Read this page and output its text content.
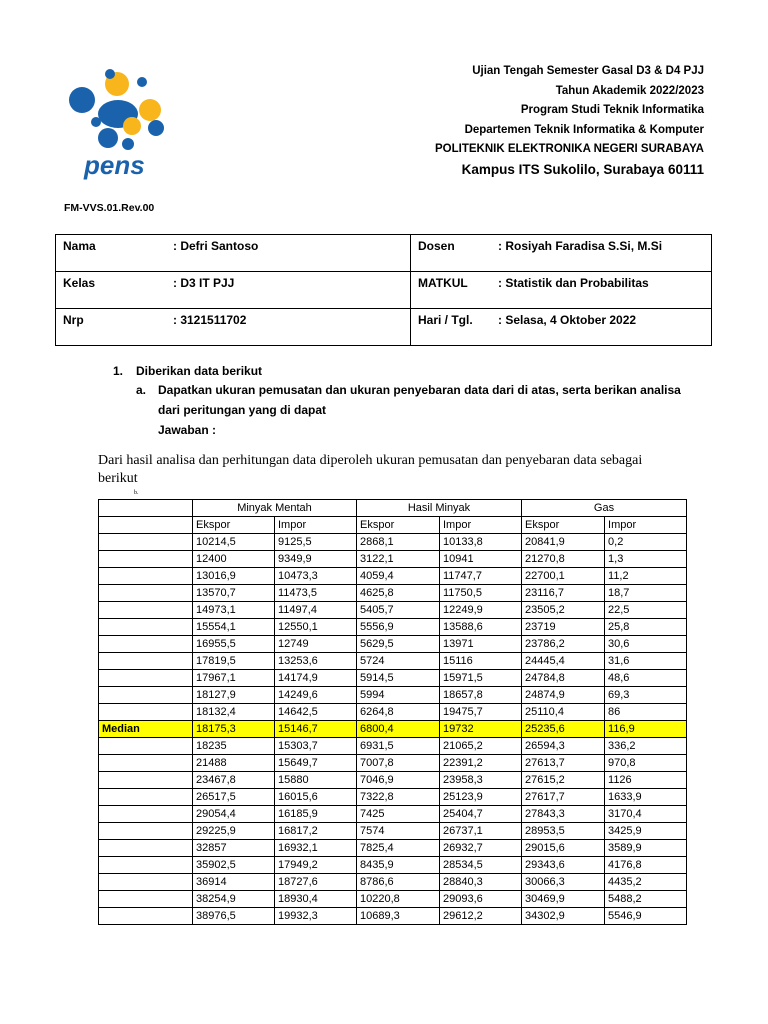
pens
Ujian Tengah Semester Gasal D3 & D4 PJJ
Tahun Akademik 2022/2023
Program Studi Teknik Informatika
Departemen Teknik Informatika & Komputer
POLITEKNIK ELEKTRONIKA NEGERI SURABAYA
Kampus ITS Sukolilo, Surabaya 60111
FM-VVS.01.Rev.00
Nama : Defri Santoso	Dosen : Rosiyah Faradisa S.Si, M.Si
Kelas : D3 IT PJJ	MATKUL : Statistik dan Probabilitas
Nrp : 3121511702	Hari / Tgl. : Selasa, 4 Oktober 2022
1. Diberikan data berikut
a. Dapatkan ukuran pemusatan dan ukuran penyebaran data dari di atas, serta berikan analisa
dari peritungan yang di dapat
Jawaban :
Dari hasil analisa dan perhitungan data diperoleh ukuran pemusatan dan penyebaran data sebagai berikut
b.
	Minyak Mentah		Hasil Minyak		Gas	
	Ekspor	Impor	Ekspor	Impor	Ekspor	Impor
	10214,5	9125,5	2868,1	10133,8	20841,9	0,2
	12400	9349,9	3122,1	10941	21270,8	1,3
	13016,9	10473,3	4059,4	11747,7	22700,1	11,2
	13570,7	11473,5	4625,8	11750,5	23116,7	18,7
	14973,1	11497,4	5405,7	12249,9	23505,2	22,5
	15554,1	12550,1	5556,9	13588,6	23719	25,8
	16955,5	12749	5629,5	13971	23786,2	30,6
	17819,5	13253,6	5724	15116	24445,4	31,6
	17967,1	14174,9	5914,5	15971,5	24784,8	48,6
	18127,9	14249,6	5994	18657,8	24874,9	69,3
	18132,4	14642,5	6264,8	19475,7	25110,4	86
Median	18175,3	15146,7	6800,4	19732	25235,6	116,9
	18235	15303,7	6931,5	21065,2	26594,3	336,2
	21488	15649,7	7007,8	22391,2	27613,7	970,8
	23467,8	15880	7046,9	23958,3	27615,2	1126
	26517,5	16015,6	7322,8	25123,9	27617,7	1633,9
	29054,4	16185,9	7425	25404,7	27843,3	3170,4
	29225,9	16817,2	7574	26737,1	28953,5	3425,9
	32857	16932,1	7825,4	26932,7	29015,6	3589,9
	35902,5	17949,2	8435,9	28534,5	29343,6	4176,8
	36914	18727,6	8786,6	28840,3	30066,3	4435,2
	38254,9	18930,4	10220,8	29093,6	30469,9	5488,2
	38976,5	19932,3	10689,3	29612,2	34302,9	5546,9
